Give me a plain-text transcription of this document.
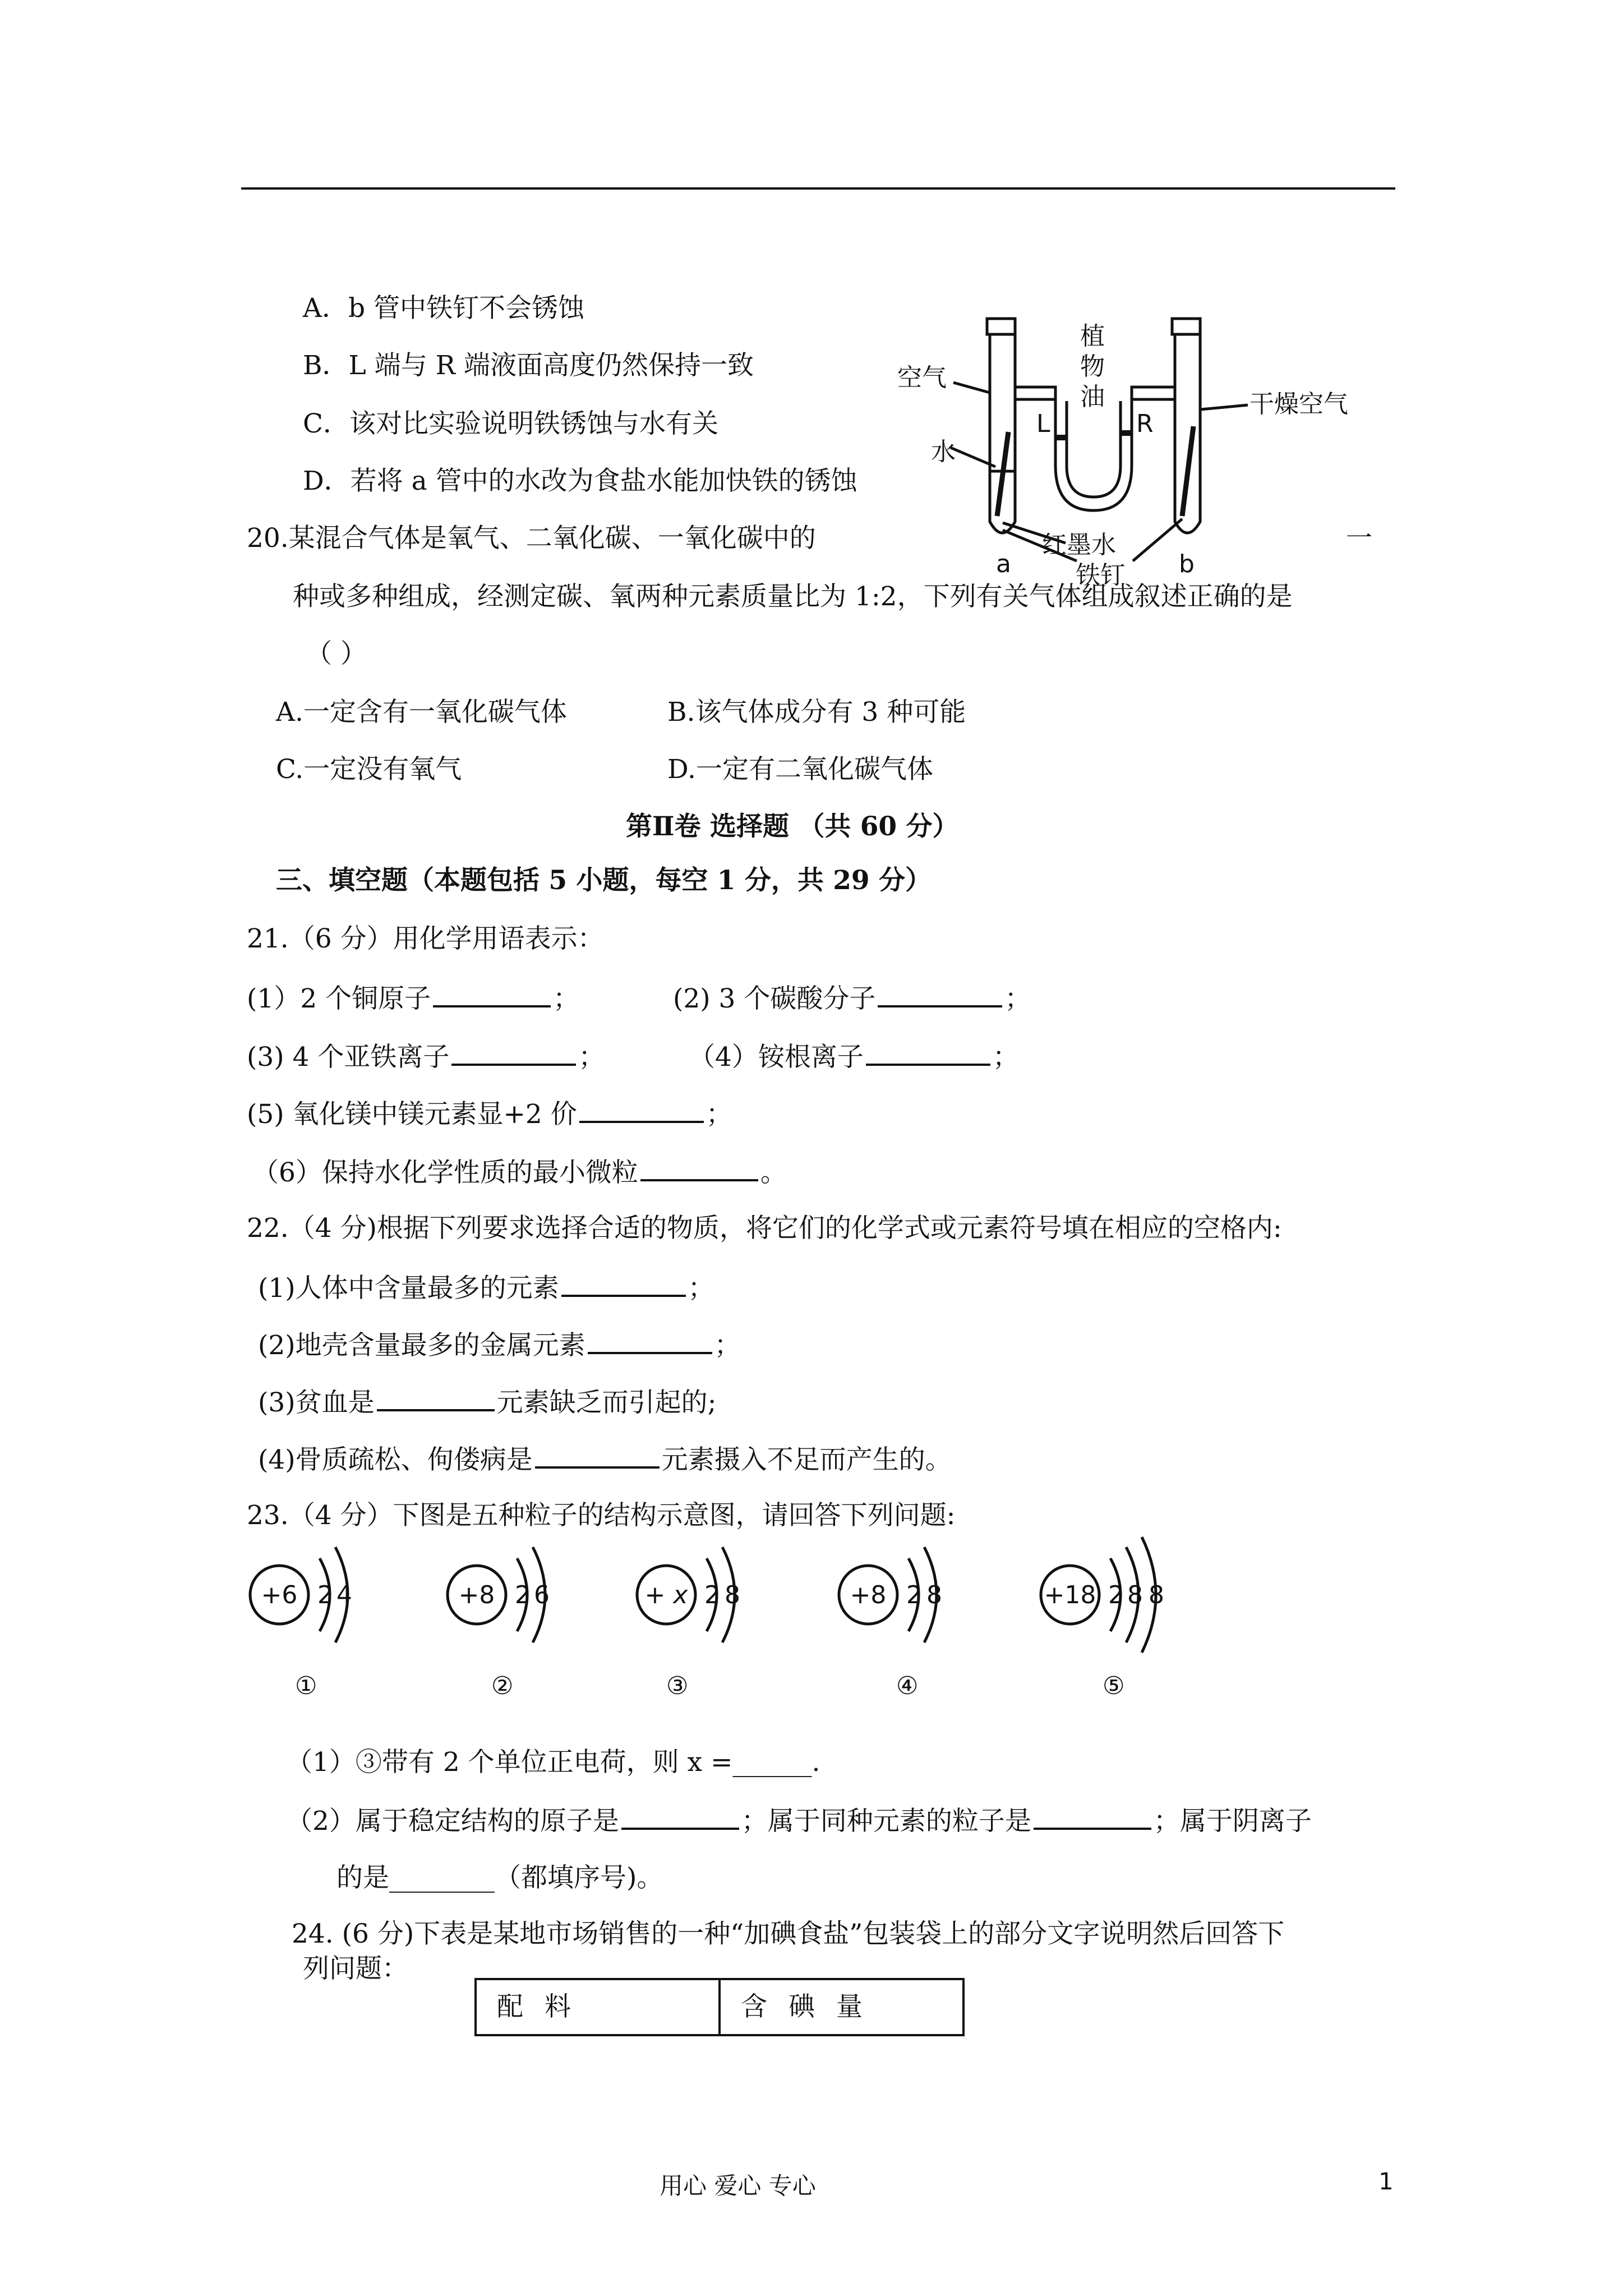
A．b 管中铁钉不会锈蚀
B．L 端与 R 端液面高度仍然保持一致
C．该对比实验说明铁锈蚀与水有关
D．若将 a 管中的水改为食盐水能加快铁的锈蚀
植
物
油
空气
干燥空气
水
红墨水
铁钉
L	R
a	b
20.某混合气体是氧气、二氧化碳、一氧化碳中的	一
种或多种组成，经测定碳、氧两种元素质量比为 1:2，下列有关气体组成叙述正确的是
（ ）
A.一定含有一氧化碳气体	B.该气体成分有 3 种可能
C.一定没有氧气	D.一定有二氧化碳气体
第Ⅱ卷 选择题 （共 60 分）
三、填空题（本题包括 5 小题，每空 1 分，共 29 分）
21.（6 分）用化学用语表示：
(1）2 个铜原子	；	(2) 3 个碳酸分子	；
(3) 4 个亚铁离子	；	（4）铵根离子	；
(5) 氧化镁中镁元素显+2 价	；
（6）保持水化学性质的最小微粒	。
22.（4 分)根据下列要求选择合适的物质，将它们的化学式或元素符号填在相应的空格内:
(1)人体中含量最多的元素	；
(2)地壳含量最多的金属元素	；
(3)贫血是	元素缺乏而引起的;
(4)骨质疏松、佝偻病是	元素摄入不足而产生的。
23.（4 分）下图是五种粒子的结构示意图，请回答下列问题:
+6 2 4
①
+8 2 6
②
+ x 2 8
③
+8 2 8
④
+18 2 8 8
⑤
（1）③带有 2 个单位正电荷，则 x =______.
（2）属于稳定结构的原子是	；属于同种元素的粒子是	；属于阴离子
的是________（都填序号)。
24. (6 分)下表是某地市场销售的一种“加碘食盐”包装袋上的部分文字说明然后回答下
列问题：
配料	含碘量
用心 爱心 专心	1
